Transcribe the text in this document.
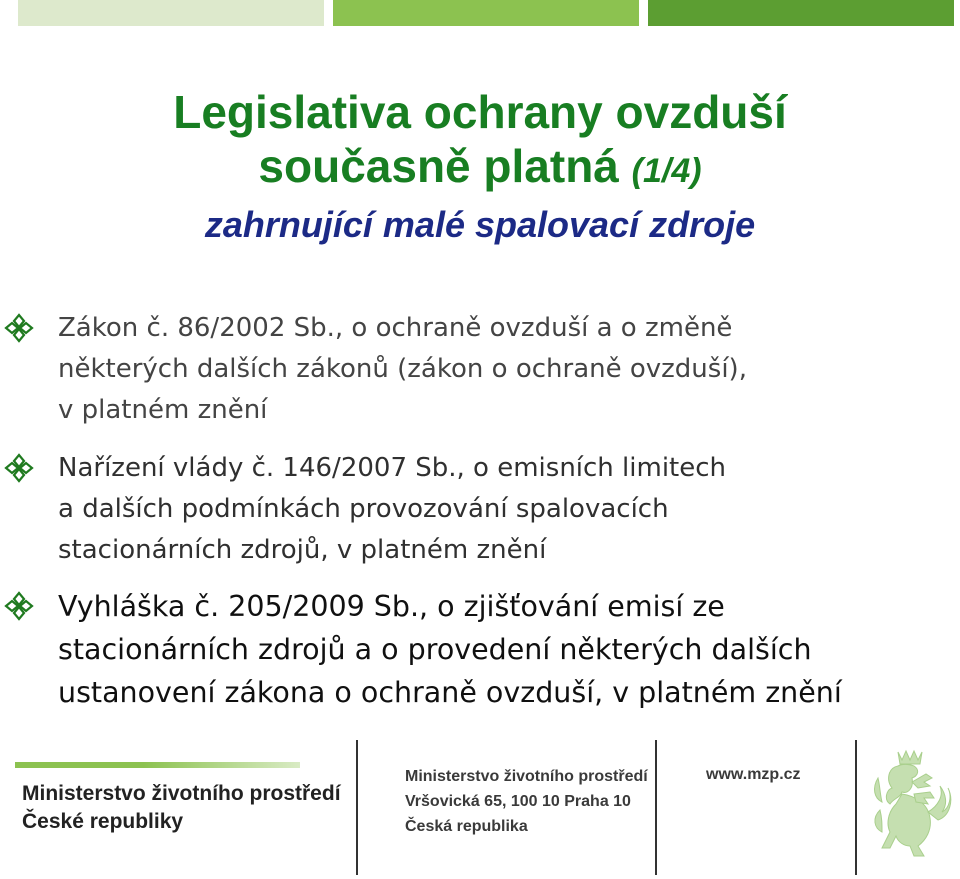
Legislativa ochrany ovzduší

současně platná (1/4)

zahrnující malé spalovací zdroje

Zákon č. 86/2002 Sb., o ochraně ovzduší a o změně
některých dalších zákonů (zákon o ochraně ovzduší),
v platném znění
Nařízení vlády č. 146/2007 Sb., o emisních limitech
a dalších podmínkách provozování spalovacích
stacionárních zdrojů, v platném znění
Vyhláška č. 205/2009 Sb., o zjišťování emisí ze
stacionárních zdrojů a o provedení některých dalších
ustanovení zákona o ochraně ovzduší, v platném znění
Ministerstvo životního prostředí
České republiky
Ministerstvo životního prostředí
Vršovická 65, 100 10 Praha 10
Česká republika
www.mzp.cz
